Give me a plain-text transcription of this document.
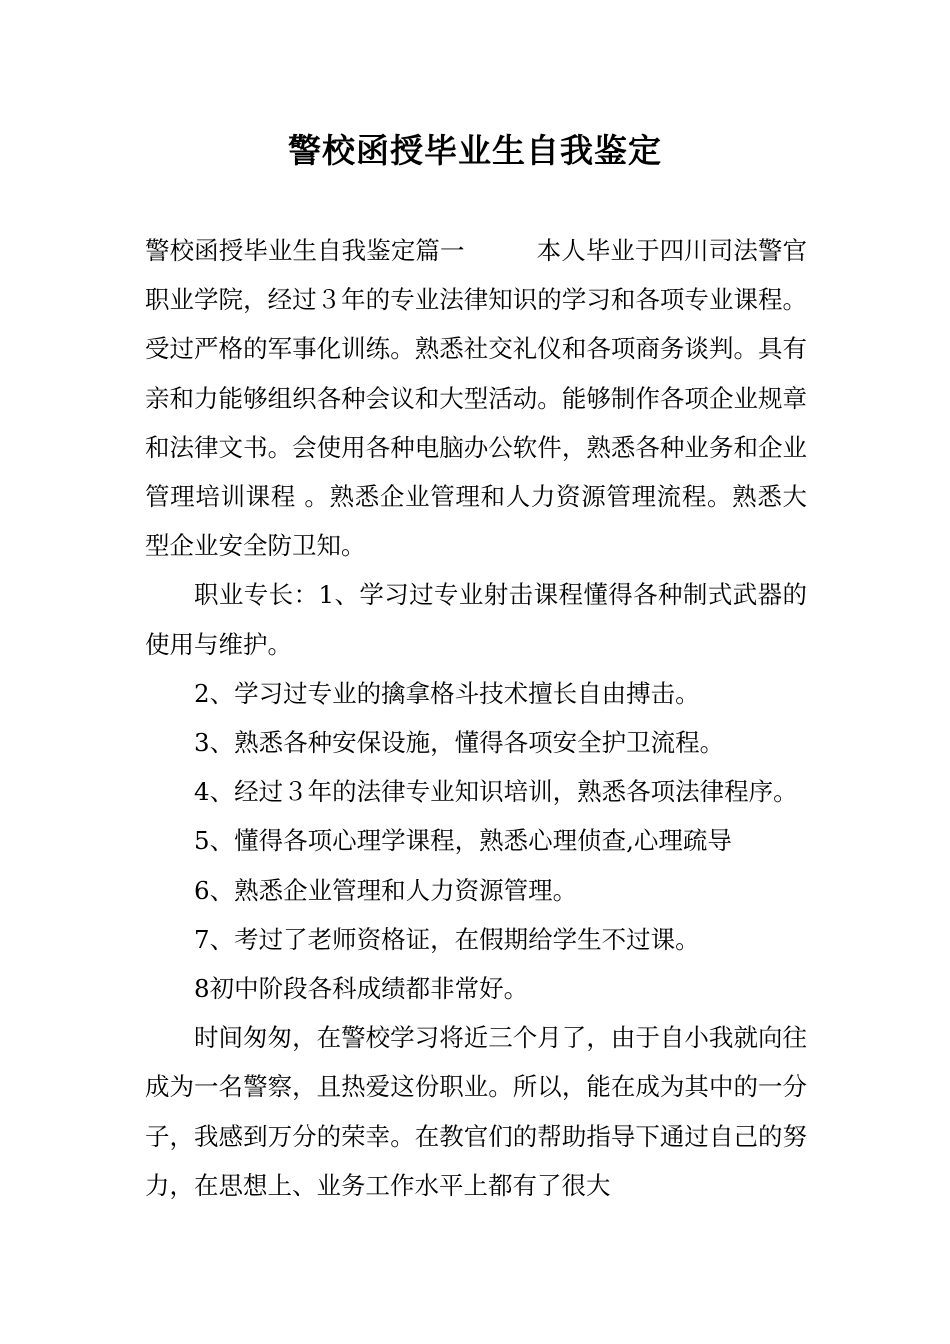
警校函授毕业生自我鉴定

警校函授毕业生自我鉴定篇一	本人毕业于四川司法警官职业学院，经过３年的专业法律知识的学习和各项专业课程。受过严格的军事化训练。熟悉社交礼仪和各项商务谈判。具有亲和力能够组织各种会议和大型活动。能够制作各项企业规章和法律文书。会使用各种电脑办公软件，熟悉各种业务和企业管理培训课程 。熟悉企业管理和人力资源管理流程。熟悉大型企业安全防卫知。

职业专长：1、学习过专业射击课程懂得各种制式武器的使用与维护。

2、学习过专业的擒拿格斗技术擅长自由搏击。

3、熟悉各种安保设施，懂得各项安全护卫流程。

4、经过３年的法律专业知识培训，熟悉各项法律程序。

5、懂得各项心理学课程，熟悉心理侦查,心理疏导

6、熟悉企业管理和人力资源管理。

7、考过了老师资格证，在假期给学生不过课。

8初中阶段各科成绩都非常好。

时间匆匆，在警校学习将近三个月了，由于自小我就向往成为一名警察，且热爱这份职业。所以，能在成为其中的一分子，我感到万分的荣幸。在教官们的帮助指导下通过自己的努力，在思想上、业务工作水平上都有了很大
